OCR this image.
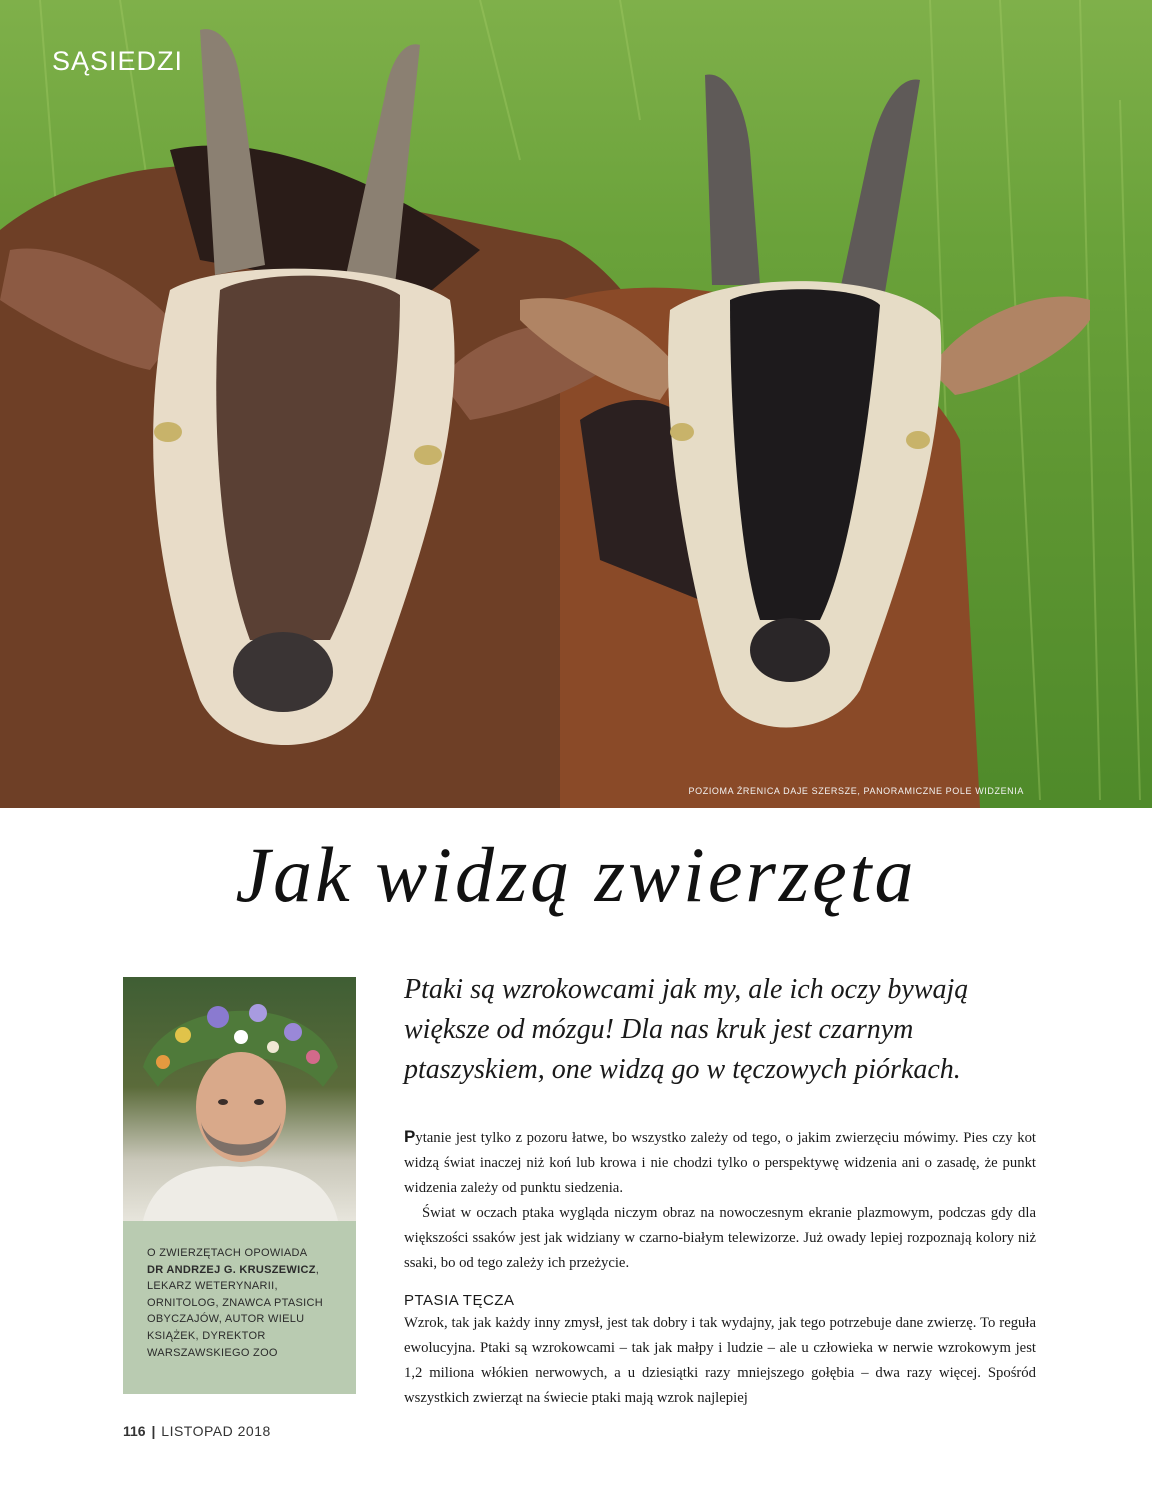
SĄSIEDZI
POZIOMA ŹRENICA DAJE SZERSZE, PANORAMICZNE POLE WIDZENIA
Jak widzą zwierzęta
O ZWIERZĘTACH OPOWIADA
DR ANDRZEJ G. KRUSZEWICZ, LEKARZ WETERYNARII, ORNITOLOG, ZNAWCA PTASICH OBYCZAJÓW, AUTOR WIELU KSIĄŻEK, DYREKTOR WARSZAWSKIEGO ZOO

Ptaki są wzrokowcami jak my, ale ich oczy bywają

większe od mózgu! Dla nas kruk jest czarnym

ptaszyskiem, one widzą go w tęczowych piórkach.

Pytanie jest tylko z pozoru łatwe, bo wszystko zależy od tego, o jakim zwierzęciu mówimy. Pies czy kot widzą świat inaczej niż koń lub krowa i nie chodzi tylko o perspektywę widzenia ani o zasadę, że punkt widzenia zależy od punktu siedzenia.

Świat w oczach ptaka wygląda niczym obraz na nowoczesnym ekranie plazmowym, podczas gdy dla większości ssaków jest jak widziany w czarno-białym telewizorze. Już owady lepiej rozpoznają kolory niż ssaki, bo od tego zależy ich przeżycie.

PTASIA TĘCZA

Wzrok, tak jak każdy inny zmysł, jest tak dobry i tak wydajny, jak tego potrzebuje dane zwierzę. To reguła ewolucyjna. Ptaki są wzrokowcami – tak jak małpy i ludzie – ale u człowieka w nerwie wzrokowym jest 1,2 miliona włókien nerwowych, a u dziesiątki razy mniejszego gołębia – dwa razy więcej. Spośród wszystkich zwierząt na świecie ptaki mają wzrok najlepiej

116 | LISTOPAD 2018
